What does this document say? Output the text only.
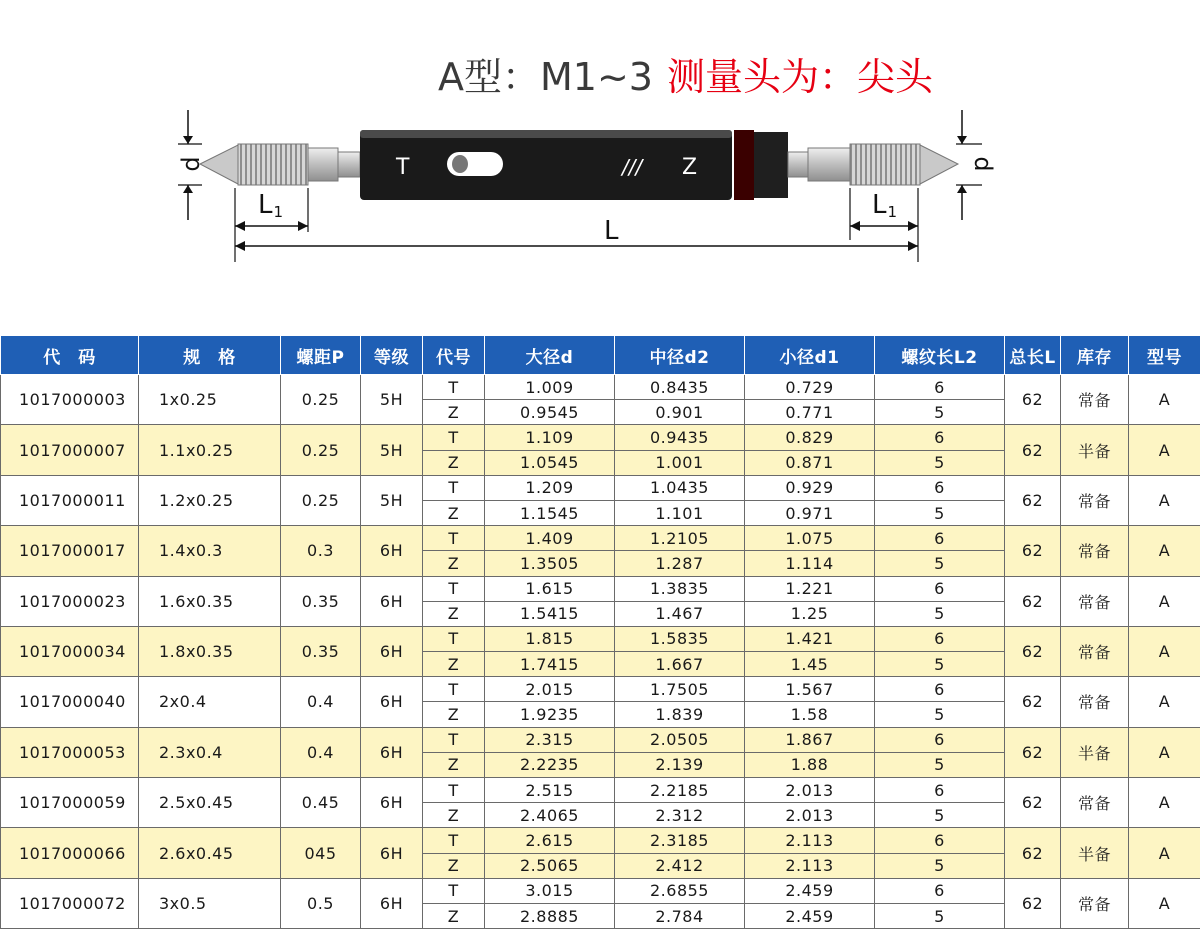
A型：M1~3 测量头为：尖头
T	/// Z
d	d
L1	L1
L
代　码	规　格	螺距P	等级	代号	大径d	中径d2	小径d1	螺纹长L2	总长L	库存	型号
1017000003	1x0.25	0.25	5H	T	1.009	0.8435	0.729	6	62	常备	A
				Z	0.9545	0.901	0.771	5			
1017000007	1.1x0.25	0.25	5H	T	1.109	0.9435	0.829	6	62	半备	A
				Z	1.0545	1.001	0.871	5			
1017000011	1.2x0.25	0.25	5H	T	1.209	1.0435	0.929	6	62	常备	A
				Z	1.1545	1.101	0.971	5			
1017000017	1.4x0.3	0.3	6H	T	1.409	1.2105	1.075	6	62	常备	A
				Z	1.3505	1.287	1.114	5			
1017000023	1.6x0.35	0.35	6H	T	1.615	1.3835	1.221	6	62	常备	A
				Z	1.5415	1.467	1.25	5			
1017000034	1.8x0.35	0.35	6H	T	1.815	1.5835	1.421	6	62	常备	A
				Z	1.7415	1.667	1.45	5			
1017000040	2x0.4	0.4	6H	T	2.015	1.7505	1.567	6	62	常备	A
				Z	1.9235	1.839	1.58	5			
1017000053	2.3x0.4	0.4	6H	T	2.315	2.0505	1.867	6	62	半备	A
				Z	2.2235	2.139	1.88	5			
1017000059	2.5x0.45	0.45	6H	T	2.515	2.2185	2.013	6	62	常备	A
				Z	2.4065	2.312	2.013	5			
1017000066	2.6x0.45	045	6H	T	2.615	2.3185	2.113	6	62	半备	A
				Z	2.5065	2.412	2.113	5			
1017000072	3x0.5	0.5	6H	T	3.015	2.6855	2.459	6	62	常备	A
				Z	2.8885	2.784	2.459	5			
